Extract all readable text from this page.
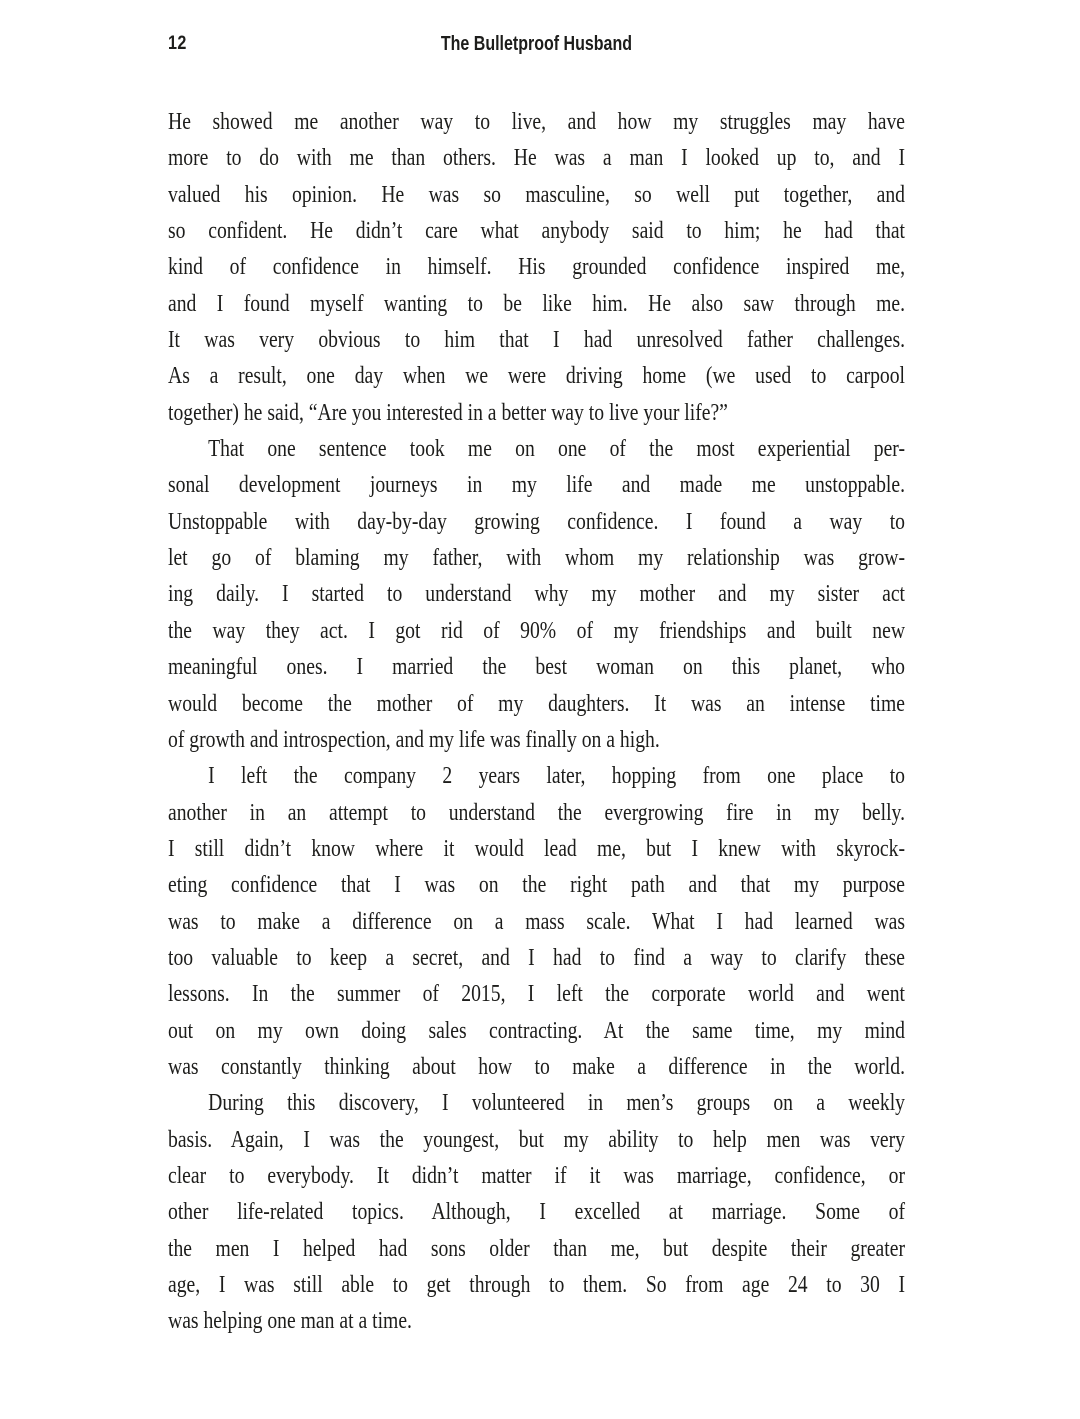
12	The Bulletproof Husband
He showed me another way to live, and how my struggles may have
more to do with me than others. He was a man I looked up to, and I
valued his opinion. He was so masculine, so well put together, and
so confident. He didn’t care what anybody said to him; he had that
kind of confidence in himself. His grounded confidence inspired me,
and I found myself wanting to be like him. He also saw through me.
It was very obvious to him that I had unresolved father challenges.
As a result, one day when we were driving home (we used to carpool
together) he said, “Are you interested in a better way to live your life?”
That one sentence took me on one of the most experiential per-
sonal development journeys in my life and made me unstoppable.
Unstoppable with day-by-day growing confidence. I found a way to
let go of blaming my father, with whom my relationship was grow-
ing daily. I started to understand why my mother and my sister act
the way they act. I got rid of 90% of my friendships and built new
meaningful ones. I married the best woman on this planet, who
would become the mother of my daughters. It was an intense time
of growth and introspection, and my life was finally on a high.
I left the company 2 years later, hopping from one place to
another in an attempt to understand the evergrowing fire in my belly.
I still didn’t know where it would lead me, but I knew with skyrock-
eting confidence that I was on the right path and that my purpose
was to make a difference on a mass scale. What I had learned was
too valuable to keep a secret, and I had to find a way to clarify these
lessons. In the summer of 2015, I left the corporate world and went
out on my own doing sales contracting. At the same time, my mind
was constantly thinking about how to make a difference in the world.
During this discovery, I volunteered in men’s groups on a weekly
basis. Again, I was the youngest, but my ability to help men was very
clear to everybody. It didn’t matter if it was marriage, confidence, or
other life-related topics. Although, I excelled at marriage. Some of
the men I helped had sons older than me, but despite their greater
age, I was still able to get through to them. So from age 24 to 30 I
was helping one man at a time.
